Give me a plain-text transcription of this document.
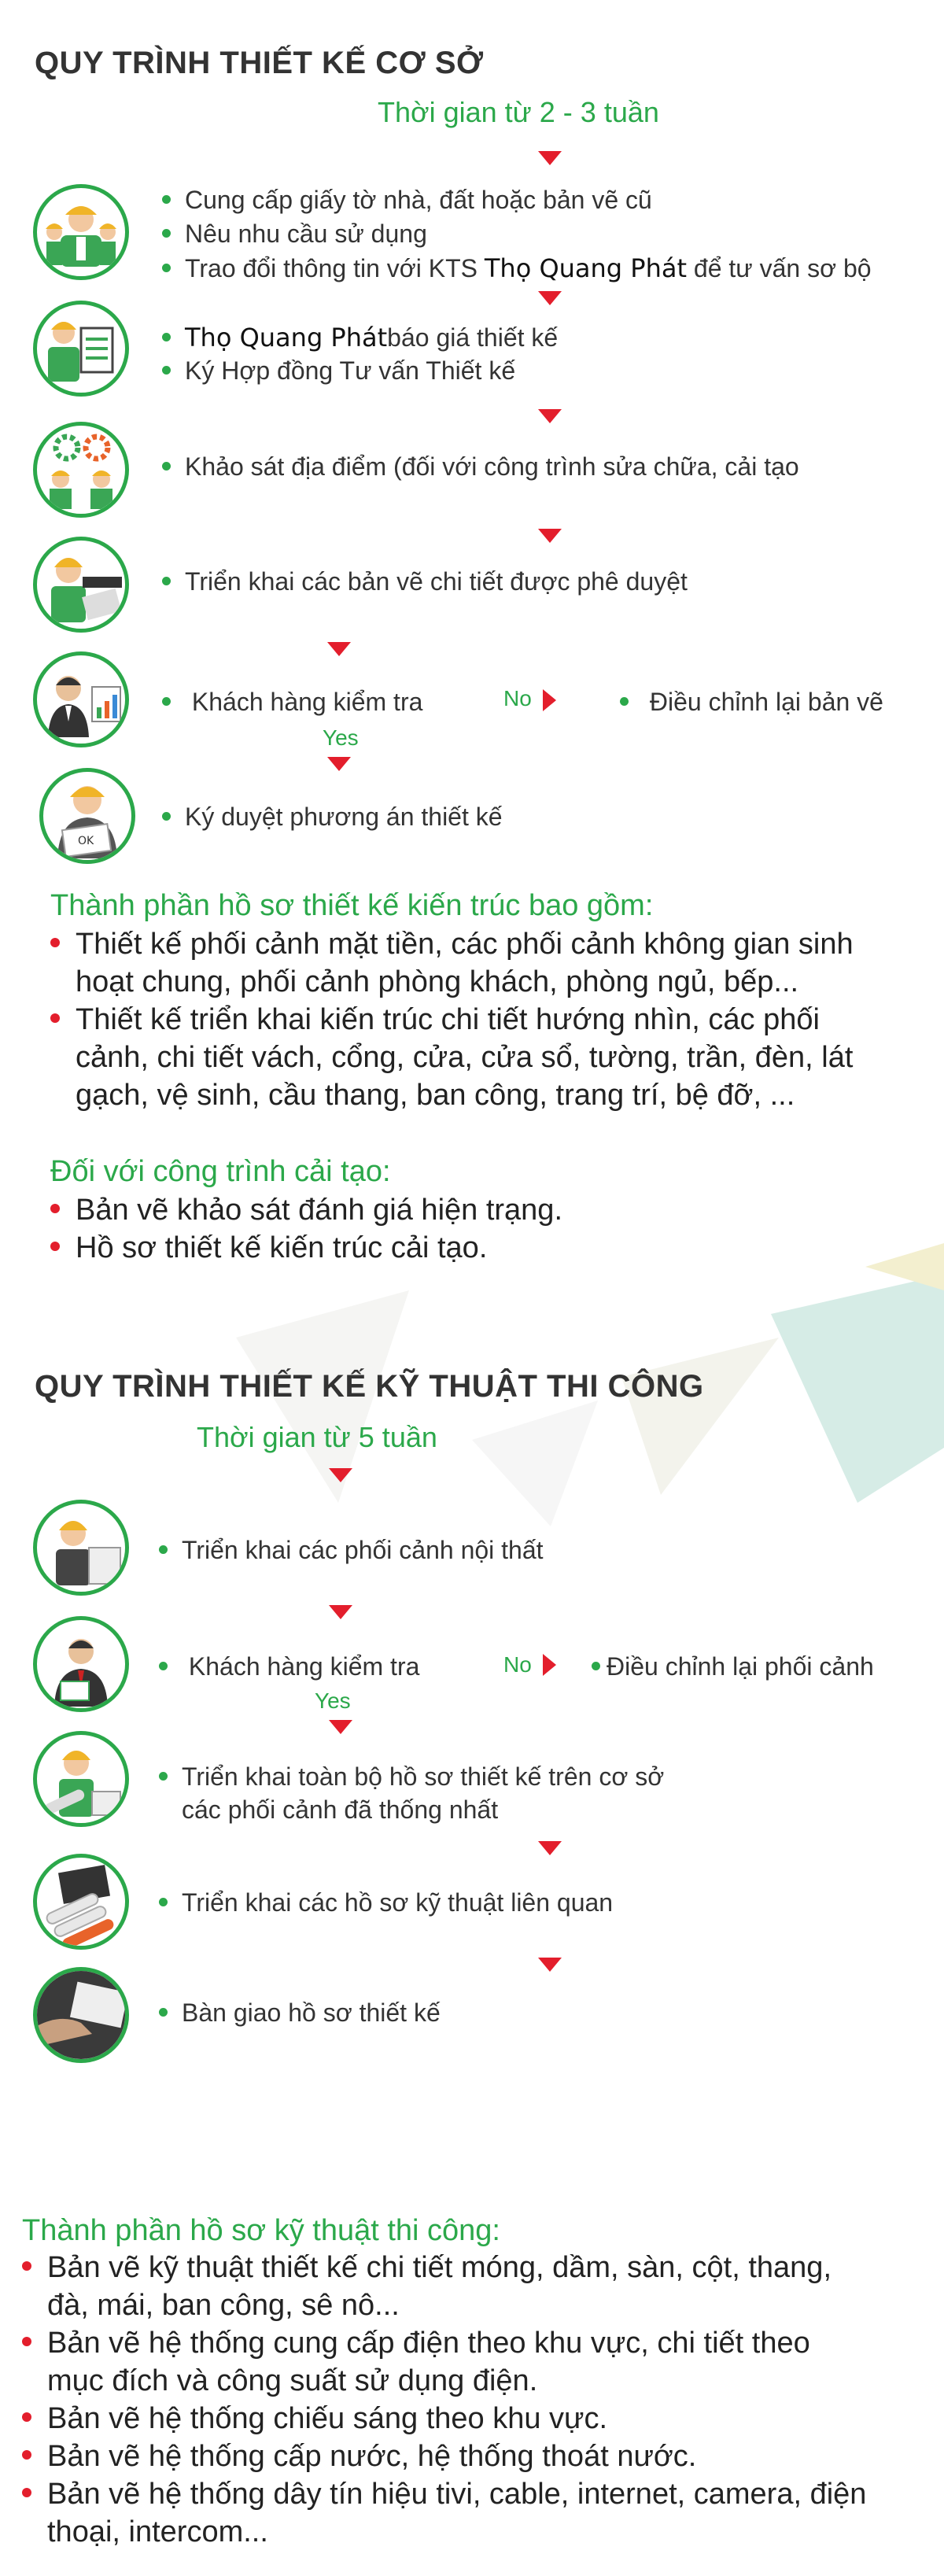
QUY TRÌNH THIẾT KẾ CƠ SỞ
Thời gian từ 2 - 3 tuần
Cung cấp giấy tờ nhà, đất hoặc bản vẽ cũ
Nêu nhu cầu sử dụng
Trao đổi thông tin với KTS Thọ Quang Phát để tư vấn sơ bộ
Thọ Quang Phátbáo giá thiết kế
Ký Hợp đồng Tư vấn Thiết kế
Khảo sát địa điểm (đối với công trình sửa chữa, cải tạo
Triển khai các bản vẽ chi tiết được phê duyệt
Khách hàng kiểm tra	No	Điều chỉnh lại bản vẽ
Yes
OK
Ký duyệt phương án thiết kế
Thành phần hồ sơ thiết kế kiến trúc bao gồm:
Thiết kế phối cảnh mặt tiền, các phối cảnh không gian sinh
hoạt chung, phối cảnh phòng khách, phòng ngủ, bếp...
Thiết kế triển khai kiến trúc chi tiết hướng nhìn, các phối
cảnh, chi tiết vách, cổng, cửa, cửa sổ, tường, trần, đèn, lát
gạch, vệ sinh, cầu thang, ban công, trang trí, bệ đỡ, ...
Đối với công trình cải tạo:
Bản vẽ khảo sát đánh giá hiện trạng.
Hồ sơ thiết kế kiến trúc cải tạo.
QUY TRÌNH THIẾT KẾ KỸ THUẬT THI CÔNG
Thời gian từ 5 tuần
Triển khai các phối cảnh nội thất
Khách hàng kiểm tra	No	Điều chỉnh lại phối cảnh
Yes
Triển khai toàn bộ hồ sơ thiết kế trên cơ sở
các phối cảnh đã thống nhất
Triển khai các hồ sơ kỹ thuật liên quan
Bàn giao hồ sơ thiết kế
Thành phần hồ sơ kỹ thuật thi công:
Bản vẽ kỹ thuật thiết kế chi tiết móng, dầm, sàn, cột, thang,
đà, mái, ban công, sê nô...
Bản vẽ hệ thống cung cấp điện theo khu vực, chi tiết theo
mục đích và công suất sử dụng điện.
Bản vẽ hệ thống chiếu sáng theo khu vực.
Bản vẽ hệ thống cấp nước, hệ thống thoát nước.
Bản vẽ hệ thống dây tín hiệu tivi, cable, internet, camera, điện
thoại, intercom...
